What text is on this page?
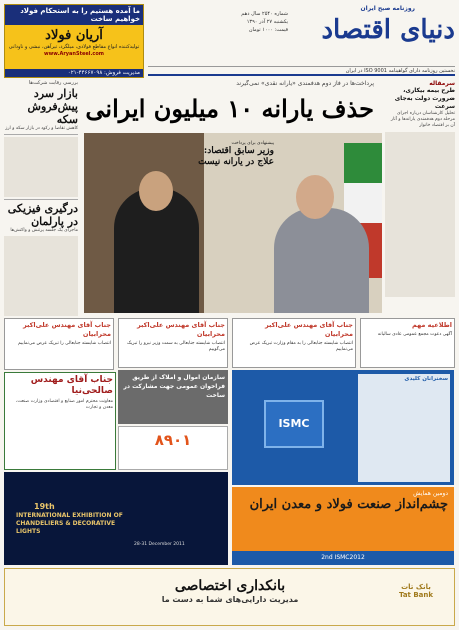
ما آمده هستیم را به استحکام فولاد خواهیم ساخت
آریان فولاد
تولیدکننده انواع مقاطع فولادی، میلگرد، تیرآهن، نبشی و ناودانی
www.AryanSteel.com
مدیریت فروش: ۴۴۶۶۷۰۹۸-۰۲۱
روزنامه صبح ایران
دنیای اقتصاد
شماره ۲۵۴۰ سال دهم
یکشنبه ۲۷ آذر ۱۳۹۰
قیمت: ۱۰۰۰ تومان
نخستین روزنامه دارای گواهینامه ISO 9001 در ایران
بررسی رقابت شرکت‌ها
بازار سرد پیش‌فروش سکه
کاهش تقاضا و رکود در بازار سکه و ارز
درگیری فیزیکی در پارلمان
ماجرای یک جلسه پرتنش و واکنش‌ها
پرداخت‌ها در فاز دوم هدفمندی «یارانه نقدی» نمی‌گیرند
حذف یارانه ۱۰ میلیون ایرانی
پیشنهادی برای پرداخت
وزیر سابق اقتصاد: علاج در یارانه نیست
سرمقاله
طرح بیمه بیکاری، ضرورت دولت به‌جای سرعت
تحلیل کارشناسان درباره اجرای مرحله دوم هدفمندی یارانه‌ها و آثار آن بر اقتصاد خانوار
جناب آقای مهندس علی‌اکبر محرابیان
انتصاب شایسته جنابعالی را تبریک عرض می‌نماییم
جناب آقای مهندس علی‌اکبر محرابیان
انتصاب شایسته جنابعالی به سمت وزیر نیرو را تبریک می‌گوییم
جناب آقای مهندس علی‌اکبر محرابیان
انتصاب شایسته جنابعالی را به مقام وزارت تبریک عرض می‌نماییم
اطلاعیه مهم
آگهی دعوت مجمع عمومی عادی سالیانه
جناب آقای مهندس صالحی‌نیا
معاونت محترم امور صنایع و اقتصادی وزارت صنعت، معدن و تجارت
سازمان اموال و املاک از طریق فراخوان عمومی جهت مشارکت در ساخت
۸۹۰۱
ISMC
سخنرانان کلیدی
دومین همایش
چشم‌انداز صنعت فولاد و معدن ایران
2nd ISMC2012
19th
INTERNATIONAL EXHIBITION OF CHANDELIERS & DECORATIVE LIGHTS
28-31 December 2011
بانک تات
Tat Bank
بانکداری اختصاصی
مدیریت دارایی‌های شما به دست ما
